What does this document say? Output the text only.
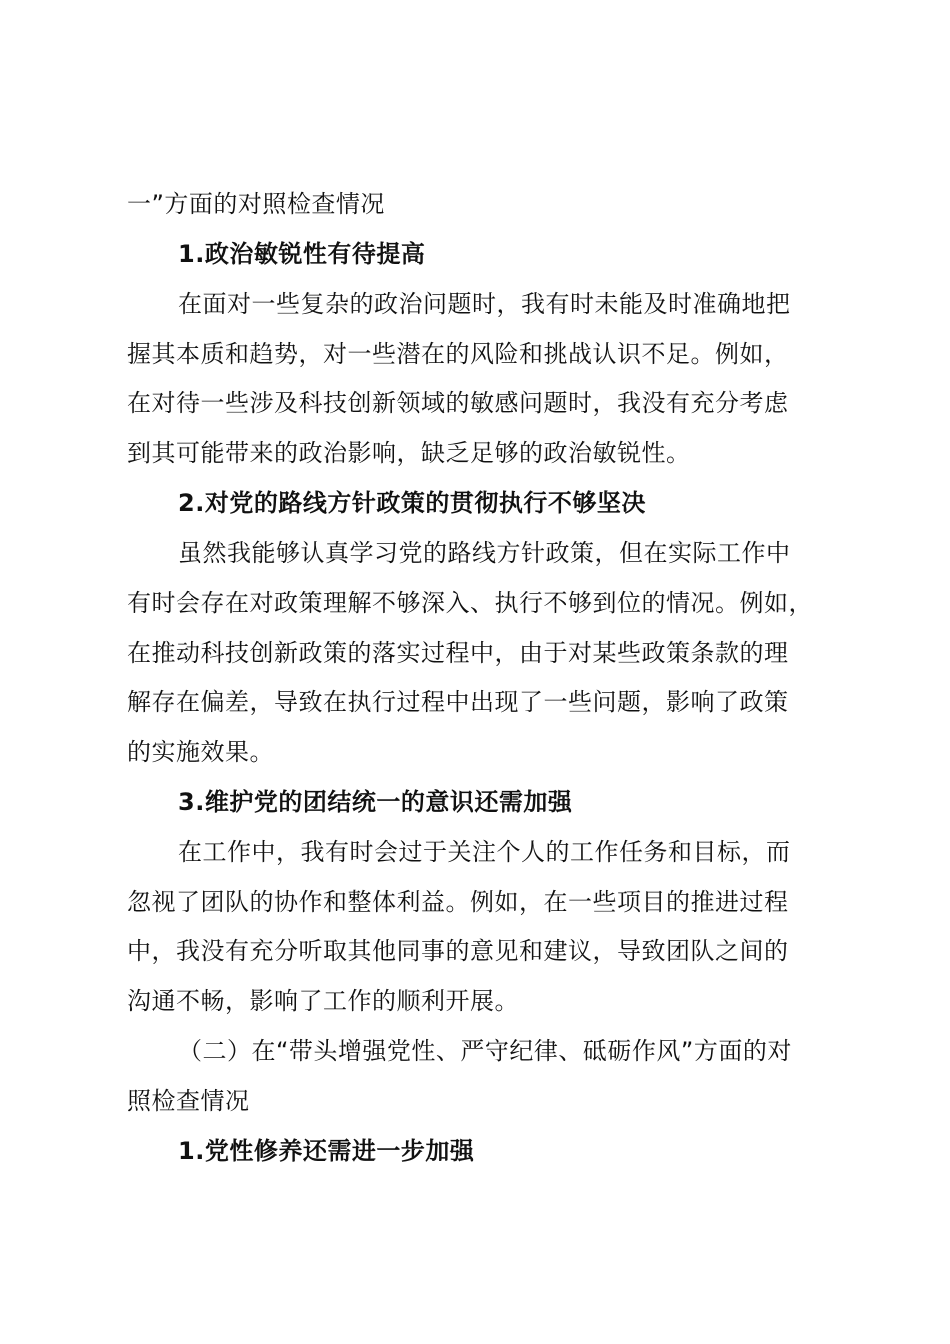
一”方面的对照检查情况
1.政治敏锐性有待提高
在面对一些复杂的政治问题时，我有时未能及时准确地把
握其本质和趋势，对一些潜在的风险和挑战认识不足。例如，
在对待一些涉及科技创新领域的敏感问题时，我没有充分考虑
到其可能带来的政治影响，缺乏足够的政治敏锐性。
2.对党的路线方针政策的贯彻执行不够坚决
虽然我能够认真学习党的路线方针政策，但在实际工作中
有时会存在对政策理解不够深入、执行不够到位的情况。例如，
在推动科技创新政策的落实过程中，由于对某些政策条款的理
解存在偏差，导致在执行过程中出现了一些问题，影响了政策
的实施效果。
3.维护党的团结统一的意识还需加强
在工作中，我有时会过于关注个人的工作任务和目标，而
忽视了团队的协作和整体利益。例如，在一些项目的推进过程
中，我没有充分听取其他同事的意见和建议，导致团队之间的
沟通不畅，影响了工作的顺利开展。
（二）在“带头增强党性、严守纪律、砥砺作风”方面的对
照检查情况
1.党性修养还需进一步加强
